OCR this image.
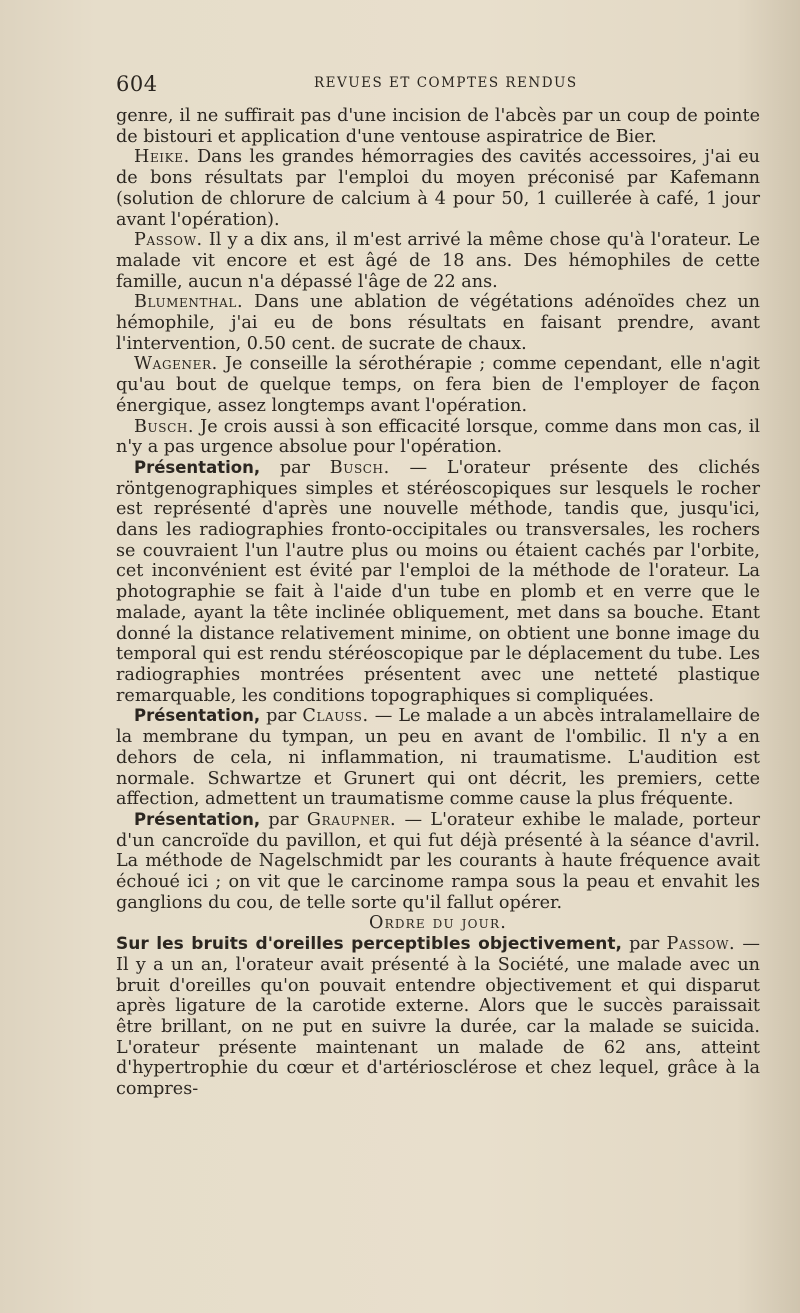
604	REVUES ET COMPTES RENDUS

genre, il ne suffirait pas d'une incision de l'abcès par un coup de pointe de bistouri et application d'une ventouse aspiratrice de Bier.

Heike. Dans les grandes hémorragies des cavités accessoires, j'ai eu de bons résultats par l'emploi du moyen préconisé par Kafemann (solution de chlorure de calcium à 4 pour 50, 1 cuillerée à café, 1 jour avant l'opération).

Passow. Il y a dix ans, il m'est arrivé la même chose qu'à l'orateur. Le malade vit encore et est âgé de 18 ans. Des hémophiles de cette famille, aucun n'a dépassé l'âge de 22 ans.

Blumenthal. Dans une ablation de végétations adénoïdes chez un hémophile, j'ai eu de bons résultats en faisant prendre, avant l'intervention, 0.50 cent. de sucrate de chaux.

Wagener. Je conseille la sérothérapie ; comme cependant, elle n'agit qu'au bout de quelque temps, on fera bien de l'employer de façon énergique, assez longtemps avant l'opération.

Busch. Je crois aussi à son efficacité lorsque, comme dans mon cas, il n'y a pas urgence absolue pour l'opération.

Présentation, par Busch. — L'orateur présente des clichés röntgenographiques simples et stéréoscopiques sur lesquels le rocher est représenté d'après une nouvelle méthode, tandis que, jusqu'ici, dans les radiographies fronto-occipitales ou transversales, les rochers se couvraient l'un l'autre plus ou moins ou étaient cachés par l'orbite, cet inconvénient est évité par l'emploi de la méthode de l'orateur. La photographie se fait à l'aide d'un tube en plomb et en verre que le malade, ayant la tête inclinée obliquement, met dans sa bouche. Etant donné la distance relativement minime, on obtient une bonne image du temporal qui est rendu stéréoscopique par le déplacement du tube. Les radiographies montrées présentent avec une netteté plastique remarquable, les conditions topographiques si compliquées.

Présentation, par Clauss. — Le malade a un abcès intralamellaire de la membrane du tympan, un peu en avant de l'ombilic. Il n'y a en dehors de cela, ni inflammation, ni traumatisme. L'audition est normale. Schwartze et Grunert qui ont décrit, les premiers, cette affection, admettent un traumatisme comme cause la plus fréquente.

Présentation, par Graupner. — L'orateur exhibe le malade, porteur d'un cancroïde du pavillon, et qui fut déjà présenté à la séance d'avril. La méthode de Nagelschmidt par les courants à haute fréquence avait échoué ici ; on vit que le carcinome rampa sous la peau et envahit les ganglions du cou, de telle sorte qu'il fallut opérer.

Ordre du jour.

Sur les bruits d'oreilles perceptibles objectivement, par Passow. — Il y a un an, l'orateur avait présenté à la Société, une malade avec un bruit d'oreilles qu'on pouvait entendre objectivement et qui disparut après ligature de la carotide externe. Alors que le succès paraissait être brillant, on ne put en suivre la durée, car la malade se suicida. L'orateur présente maintenant un malade de 62 ans, atteint d'hypertrophie du cœur et d'artériosclérose et chez lequel, grâce à la compres-
